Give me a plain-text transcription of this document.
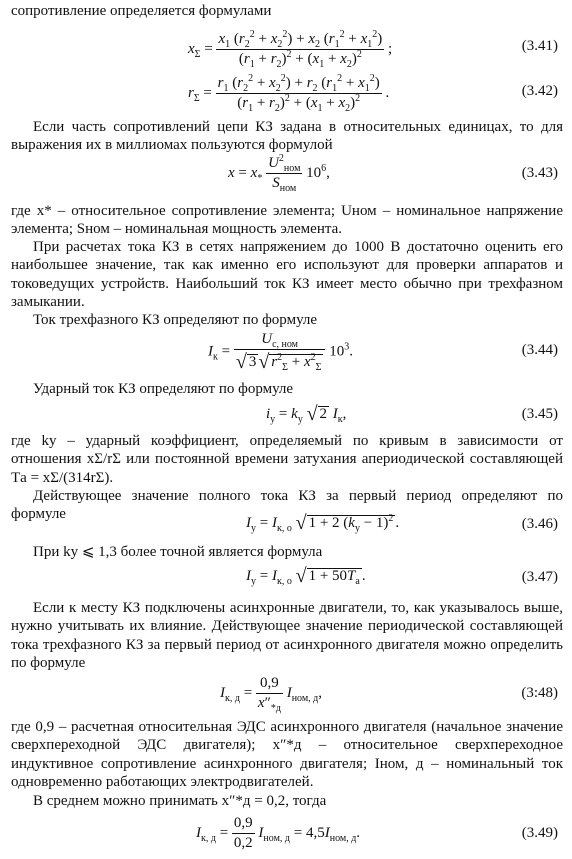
сопротивление определяется формулами
$x_\Sigma = \frac{x_1 (r_2^2 + x_2^2) + x_2 (r_1^2 + x_1^2)}{(r_1 + r_2)^2 + (x_1 + x_2)^2}$ ;	(3.41)
$r_\Sigma = \frac{r_1 (r_2^2 + x_2^2) + r_2 (r_1^2 + x_1^2)}{(r_1 + r_2)^2 + (x_1 + x_2)^2}$ .	(3.42)
Если часть сопротивлений цепи КЗ задана в относительных единицах, то для выражения их в миллиомах пользуются формулой
$x = x_* \frac{U^2_{ном}}{S_{ном}} 10^6$,	(3.43)
где x* – относительное сопротивление элемента; Uном – номинальное напряжение элемента; Sном – номинальная мощность элемента.
При расчетах тока КЗ в сетях напряжением до 1000 В достаточно оценить его наибольшее значение, так как именно его используют для проверки аппаратов и токоведущих устройств. Наибольший ток КЗ имеет место обычно при трехфазном замыкании.
Ток трехфазного КЗ определяют по формуле
$I_к = \frac{U_{с, ном}}{√ 3 √ r^2_\Sigma + x^2_\Sigma} 10^3$.	(3.44)
Ударный ток КЗ определяют по формуле
$i_у = k_у$ √ 2 $I_к$,	(3.45)
где kу – ударный коэффициент, определяемый по кривым в зависимости от отношения xΣ/rΣ или постоянной времени затухания апериодической составляющей Tа = xΣ/(314rΣ).
Действующее значение полного тока КЗ за первый период определяют по формуле
$I_у = I_{к, о}$ √ 1 + 2 $(k_у - 1)^2$ .	(3.46)
При kу ⩽ 1,3 более точной является формула
$I_у = I_{к, о}$ √ $1 + 50T_а$ .	(3.47)
Если к месту КЗ подключены асинхронные двигатели, то, как указывалось выше, нужно учитывать их влияние. Действующее значение периодической составляющей тока трехфазного КЗ за первый период от асинхронного двигателя можно определить по формуле
$I_{к, д} = \frac{0,9}{x''_{*д}} I_{ном, д}$,	(3:48)
где 0,9 – расчетная относительная ЭДС асинхронного двигателя (начальное значение сверхпереходной ЭДС двигателя); x″*д – относительное сверхпереходное индуктивное сопротивление асинхронного двигателя; Iном, д – номинальный ток одновременно работающих электродвигателей.
В среднем можно принимать x″*д = 0,2, тогда
$I_{к, д} = \frac{0,9}{0,2} I_{ном, д} = 4,5I_{ном, д}$.	(3.49)
